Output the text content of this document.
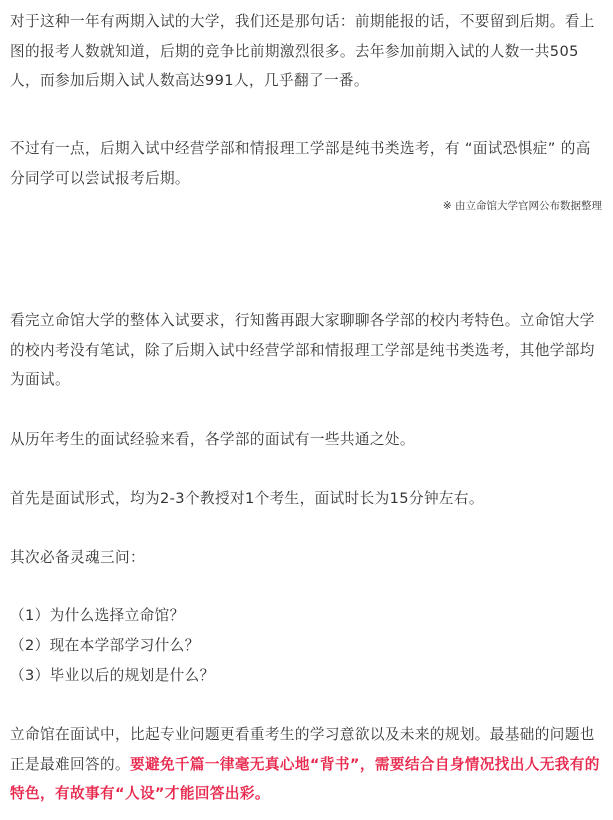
对于这种一年有两期入试的大学，我们还是那句话：前期能报的话，不要留到后期。看上图的报考人数就知道，后期的竞争比前期激烈很多。去年参加前期入试的人数一共505人，而参加后期入试人数高达991人，几乎翻了一番。

不过有一点，后期入试中经营学部和情报理工学部是纯书类选考，有 “面试恐惧症” 的高分同学可以尝试报考后期。

※ 由立命馆大学官网公布数据整理

看完立命馆大学的整体入试要求，行知酱再跟大家聊聊各学部的校内考特色。立命馆大学的校内考没有笔试，除了后期入试中经营学部和情报理工学部是纯书类选考，其他学部均为面试。

从历年考生的面试经验来看，各学部的面试有一些共通之处。

首先是面试形式，均为2-3个教授对1个考生，面试时长为15分钟左右。

其次必备灵魂三问：

（1）为什么选择立命馆？

（2）现在本学部学习什么？

（3）毕业以后的规划是什么？

立命馆在面试中，比起专业问题更看重考生的学习意欲以及未来的规划。最基础的问题也正是最难回答的。要避免千篇一律毫无真心地“背书”，需要结合自身情况找出人无我有的特色，有故事有“人设”才能回答出彩。
